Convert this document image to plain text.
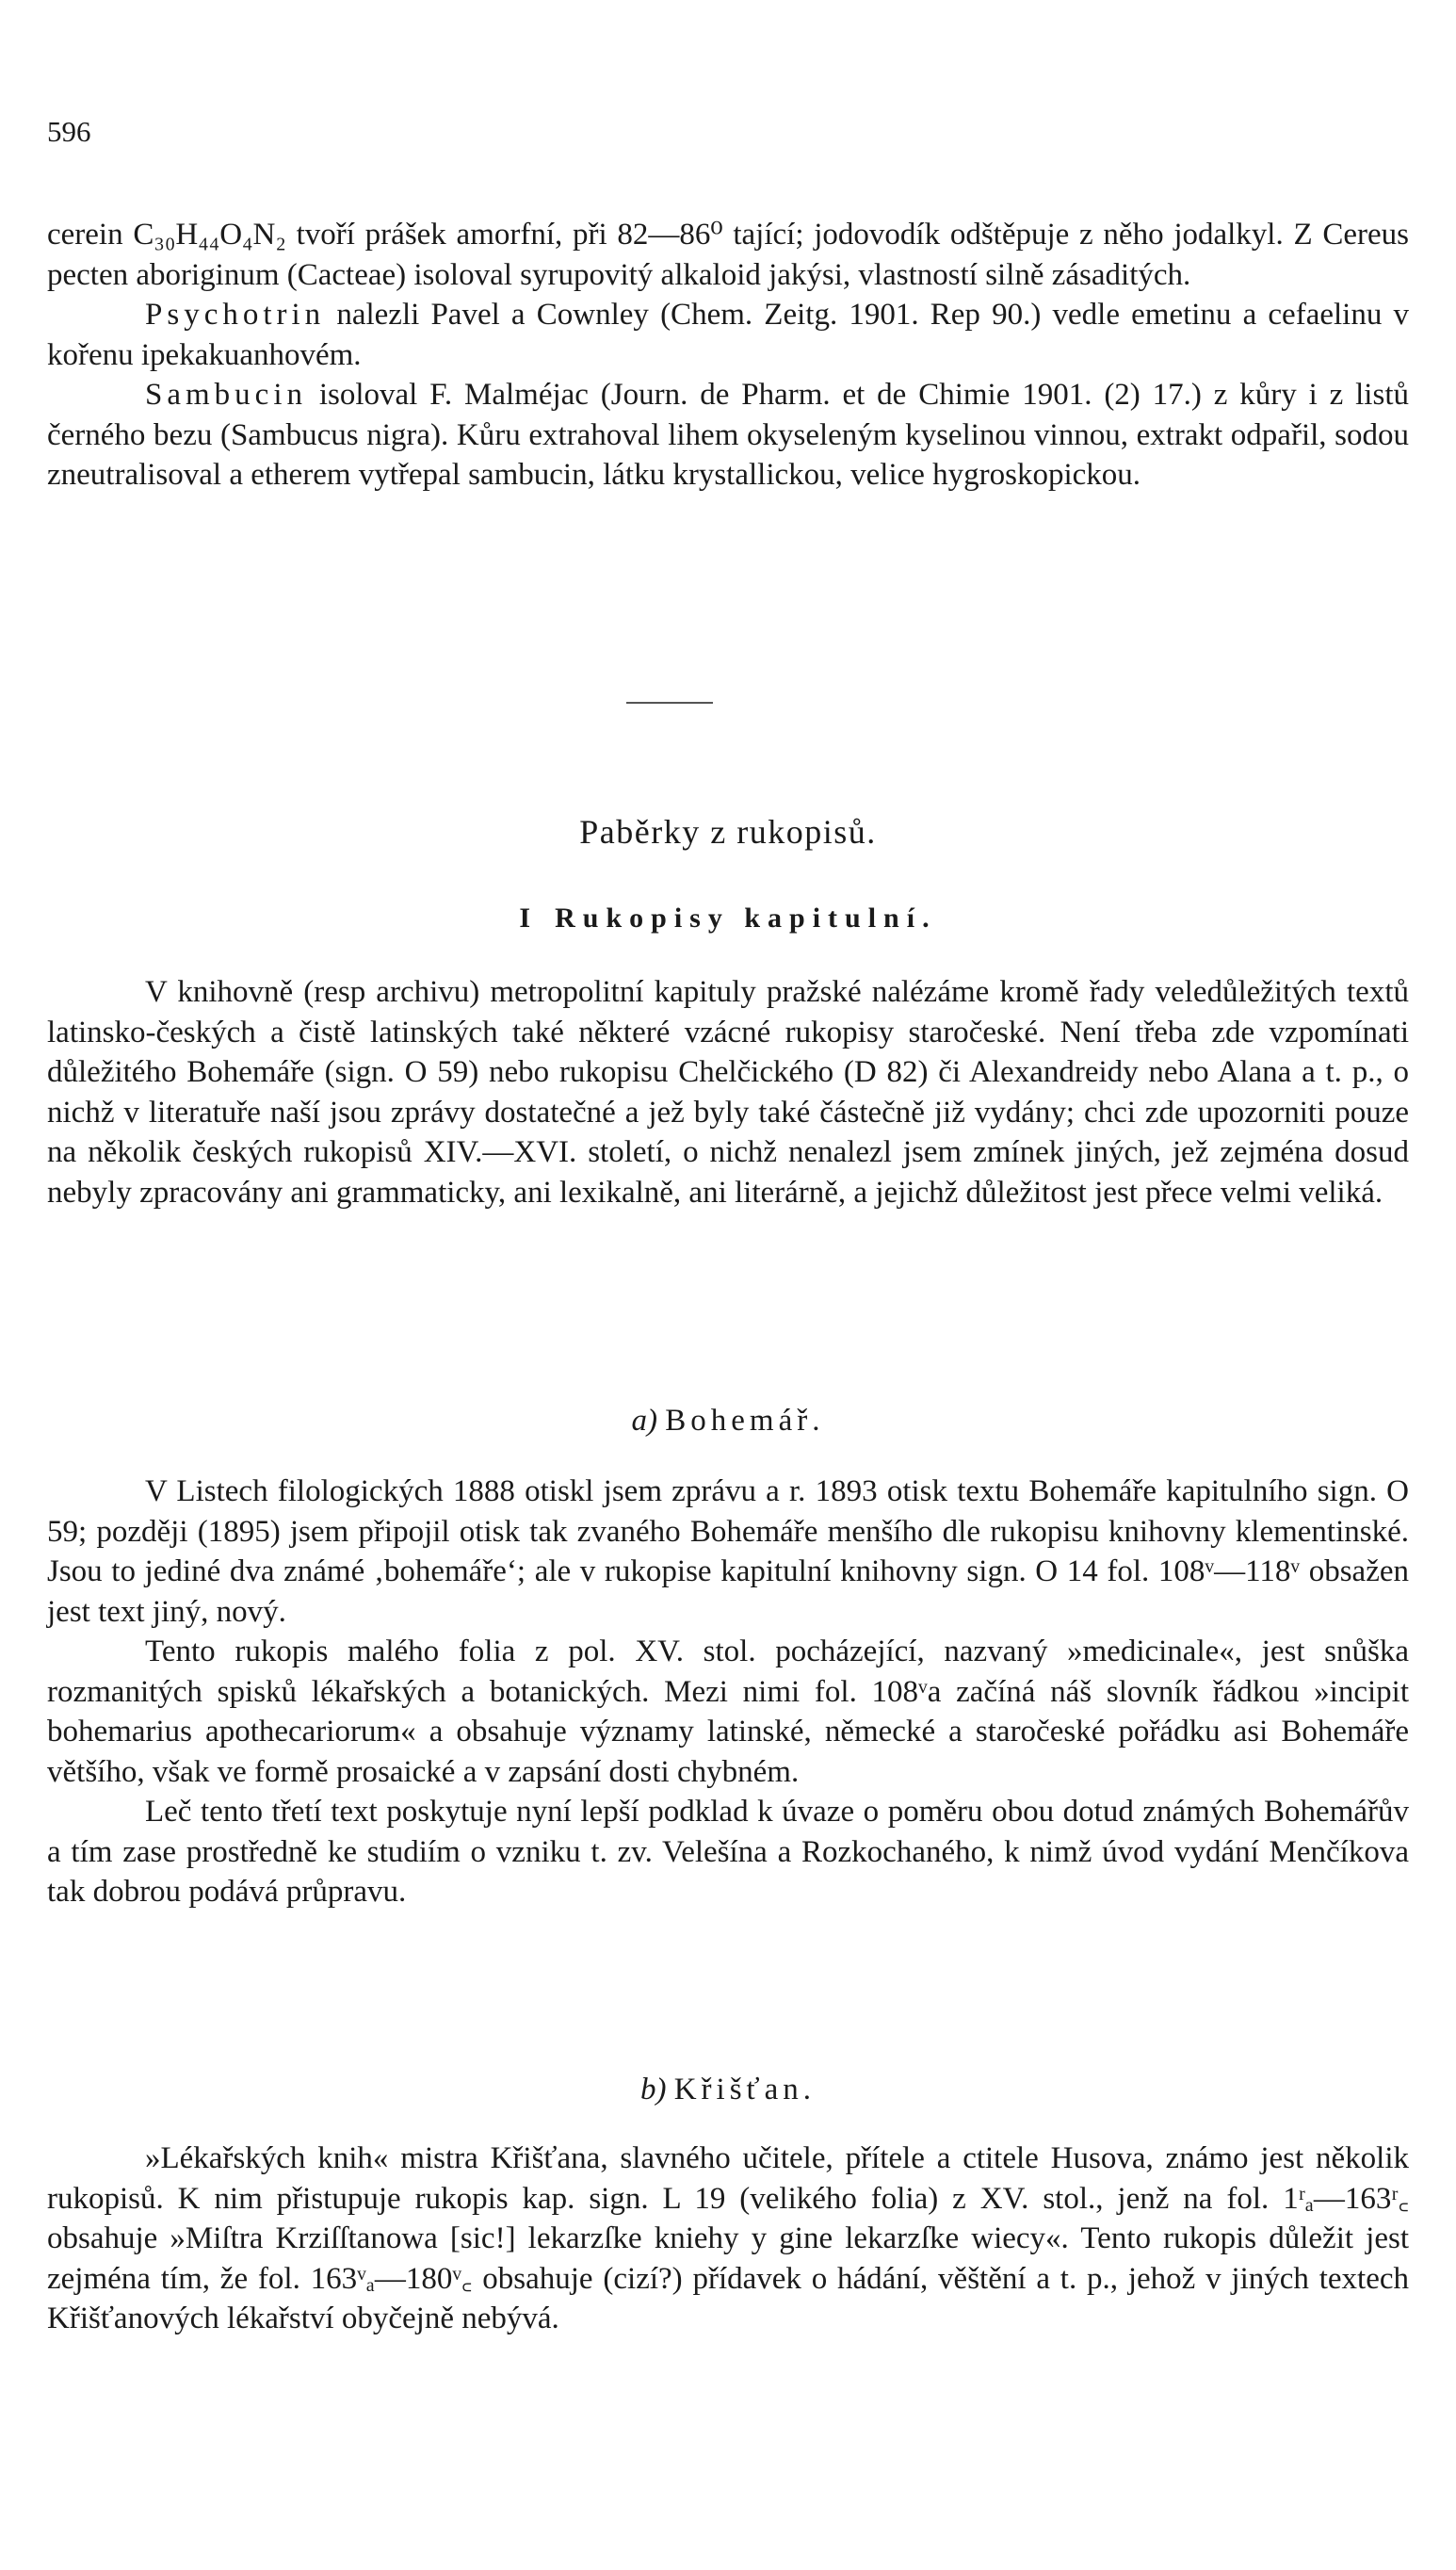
596

cerein C₃₀H₄₄O₄N₂ tvoří prášek amorfní, při 82—86⁰ tající; jodovodík odštěpuje z něho jodalkyl. Z Cereus pecten aboriginum (Cacteae) isoloval syrupovitý alkaloid jakýsi, vlastností silně zásaditých.

Psychotrin nalezli Pavel a Cownley (Chem. Zeitg. 1901. Rep 90.) vedle emetinu a cefaelinu v kořenu ipekakuanhovém.

Sambucin isoloval F. Malméjac (Journ. de Pharm. et de Chimie 1901. (2) 17.) z kůry i z listů černého bezu (Sambucus nigra). Kůru extrahoval lihem okyseleným kyselinou vinnou, extrakt odpařil, sodou zneutralisoval a etherem vytřepal sambucin, látku krystallickou, velice hygroskopickou.

Paběrky z rukopisů.
I Rukopisy kapitulní.

V knihovně (resp archivu) metropolitní kapituly pražské nalézáme kromě řady veledůležitých textů latinsko-českých a čistě latinských také některé vzácné rukopisy staročeské. Není třeba zde vzpomínati důležitého Bohemáře (sign. O 59) nebo rukopisu Chelčického (D 82) či Alexandreidy nebo Alana a t. p., o nichž v literatuře naší jsou zprávy dostatečné a jež byly také částečně již vydány; chci zde upozorniti pouze na několik českých rukopisů XIV.—XVI. století, o nichž nenalezl jsem zmínek jiných, jež zejména dosud nebyly zpracovány ani grammaticky, ani lexikalně, ani literárně, a jejichž důležitost jest přece velmi veliká.

a) Bohemář.

V Listech filologických 1888 otiskl jsem zprávu a r. 1893 otisk textu Bohemáře kapitulního sign. O 59; později (1895) jsem připojil otisk tak zvaného Bohemáře menšího dle rukopisu knihovny klementinské. Jsou to jediné dva známé ‚bohemáře‘; ale v rukopise kapitulní knihovny sign. O 14 fol. 108ᵛ—118ᵛ obsažen jest text jiný, nový.

Tento rukopis malého folia z pol. XV. stol. pocházející, nazvaný »medicinale«, jest snůška rozmanitých spisků lékařských a botanických. Mezi nimi fol. 108ᵛa začíná náš slovník řádkou »incipit bohemarius apothecariorum« a obsahuje významy latinské, německé a staročeské pořádku asi Bohemáře většího, však ve formě prosaické a v zapsání dosti chybném.

Leč tento třetí text poskytuje nyní lepší podklad k úvaze o poměru obou dotud známých Bohemářův a tím zase prostředně ke studiím o vzniku t. zv. Velešína a Rozkochaného, k nimž úvod vydání Menčíkova tak dobrou podává průpravu.

b) Křišťan.

»Lékařských knih« mistra Křišťana, slavného učitele, přítele a ctitele Husova, známo jest několik rukopisů. K nim přistupuje rukopis kap. sign. L 19 (velikého folia) z XV. stol., jenž na fol. 1ʳₐ—163ʳ꜀ obsahuje »Miſtra Krziſſtanowa [sic!] lekarzſke kniehy y gine lekarzſke wiecy«. Tento rukopis důležit jest zejména tím, že fol. 163ᵛₐ—180ᵛ꜀ obsahuje (cizí?) přídavek o hádání, věštění a t. p., jehož v jiných textech Křišťanových lékařství obyčejně nebývá.
